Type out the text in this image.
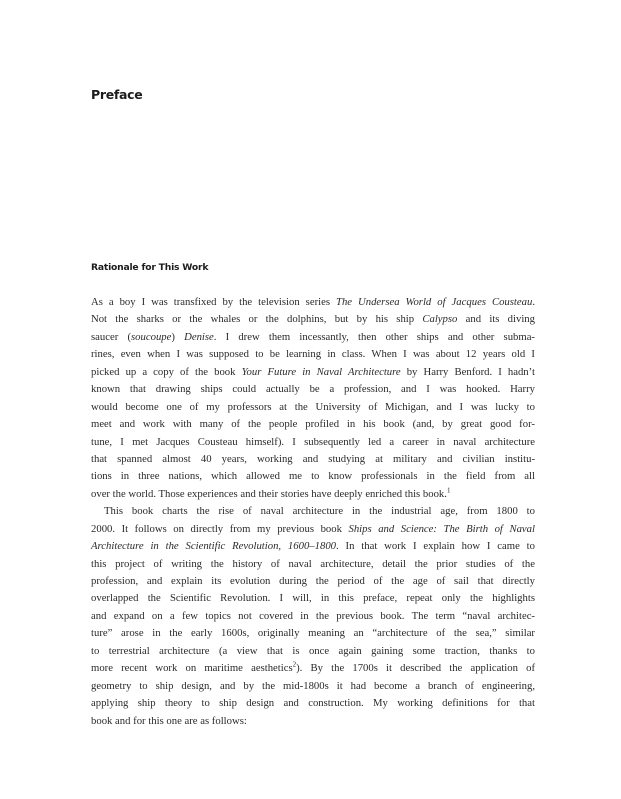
Preface
Rationale for This Work
As a boy I was transfixed by the television series The Undersea World of Jacques Cousteau.
Not the sharks or the whales or the dolphins, but by his ship Calypso and its diving
saucer (soucoupe) Denise. I drew them incessantly, then other ships and other subma-
rines, even when I was supposed to be learning in class. When I was about 12 years old I
picked up a copy of the book Your Future in Naval Architecture by Harry Benford. I hadn’t
known that drawing ships could actually be a profession, and I was hooked. Harry
would become one of my professors at the University of Michigan, and I was lucky to
meet and work with many of the people profiled in his book (and, by great good for-
tune, I met Jacques Cousteau himself). I subsequently led a career in naval architecture
that spanned almost 40 years, working and studying at military and civilian institu-
tions in three nations, which allowed me to know professionals in the field from all
over the world. Those experiences and their stories have deeply enriched this book.$^1$
This book charts the rise of naval architecture in the industrial age, from 1800 to
2000. It follows on directly from my previous book Ships and Science: The Birth of Naval
Architecture in the Scientific Revolution, 1600–1800. In that work I explain how I came to
this project of writing the history of naval architecture, detail the prior studies of the
profession, and explain its evolution during the period of the age of sail that directly
overlapped the Scientific Revolution. I will, in this preface, repeat only the highlights
and expand on a few topics not covered in the previous book. The term “naval architec-
ture” arose in the early 1600s, originally meaning an “architecture of the sea,” similar
to terrestrial architecture (a view that is once again gaining some traction, thanks to
more recent work on maritime aesthetics$^2$). By the 1700s it described the application of
geometry to ship design, and by the mid-1800s it had become a branch of engineering,
applying ship theory to ship design and construction. My working definitions for that
book and for this one are as follows:
